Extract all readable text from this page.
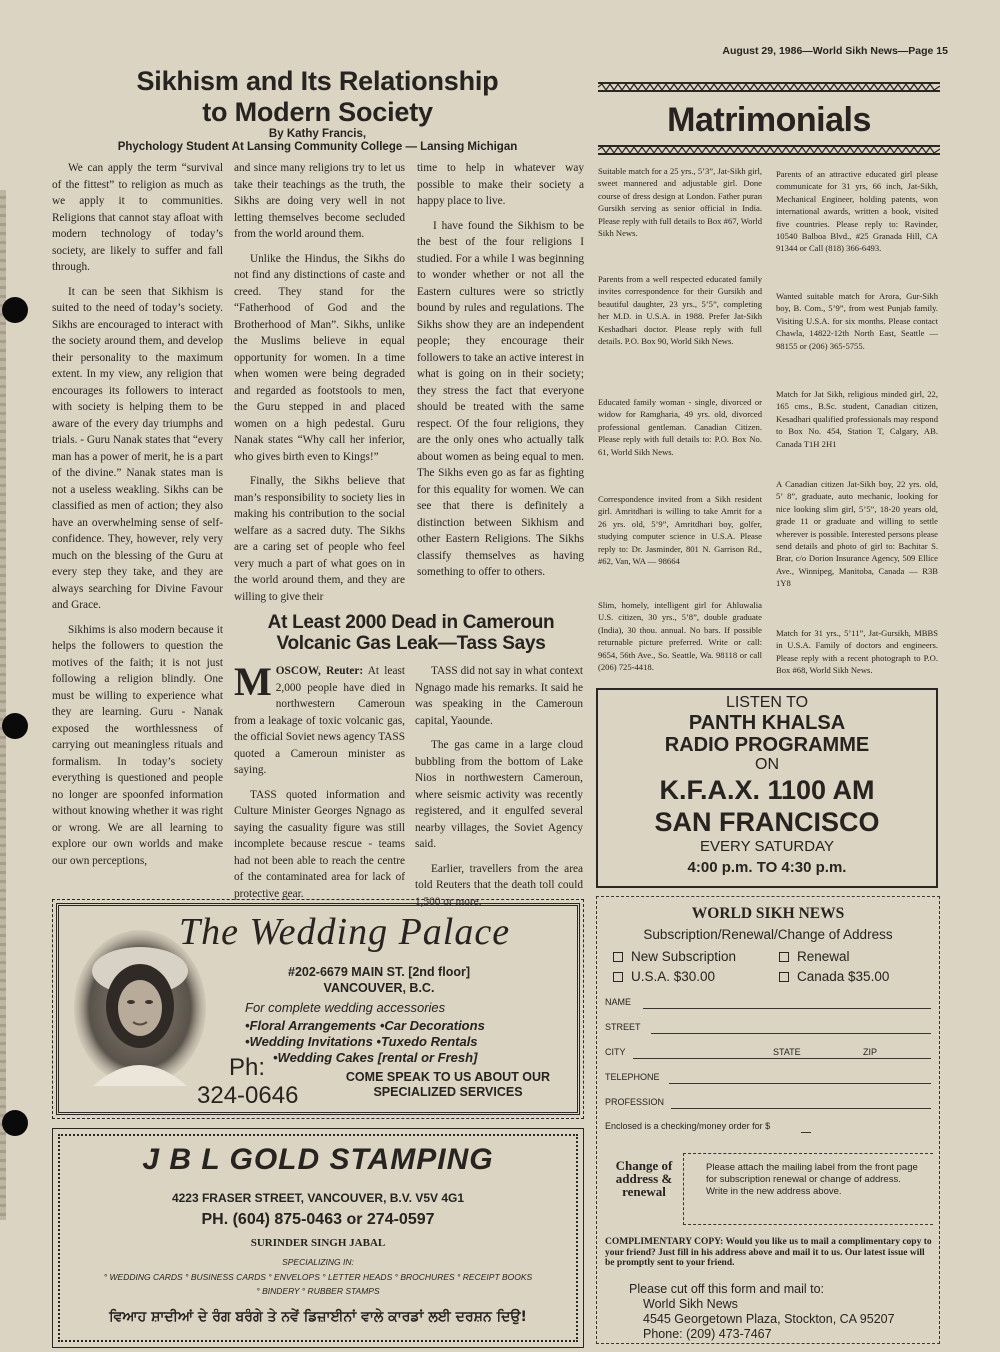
August 29, 1986—World Sikh News—Page 15
Sikhism and Its Relationship
to Modern Society
By Kathy Francis,
Phychology Student At Lansing Community College — Lansing Michigan

We can apply the term “survival of the fittest” to religion as much as we apply it to communities. Religions that cannot stay afloat with modern technology of today’s society, are likely to suffer and fall through.

It can be seen that Sikhism is suited to the need of today’s society. Sikhs are encouraged to interact with the society around them, and develop their personality to the maximum extent. In my view, any religion that encourages its followers to interact with society is helping them to be aware of the every day triumphs and trials. - Guru Nanak states that “every man has a power of merit, he is a part of the divine.” Nanak states man is not a useless weakling. Sikhs can be classified as men of action; they also have an overwhelming sense of self-confidence. They, however, rely very much on the blessing of the Guru at every step they take, and they are always searching for Divine Favour and Grace.

Sikhims is also modern because it helps the followers to question the motives of the faith; it is not just following a religion blindly. One must be willing to experience what they are learning. Guru - Nanak exposed the worthlessness of carrying out meaningless rituals and formalism. In today’s society everything is questioned and people no longer are spoonfed information without knowing whether it was right or wrong. We are all learning to explore our own worlds and make our own perceptions,

and since many religions try to let us take their teachings as the truth, the Sikhs are doing very well in not letting themselves become secluded from the world around them.

Unlike the Hindus, the Sikhs do not find any distinctions of caste and creed. They stand for the “Fatherhood of God and the Brotherhood of Man”. Sikhs, unlike the Muslims believe in equal opportunity for women. In a time when women were being degraded and regarded as footstools to men, the Guru stepped in and placed women on a high pedestal. Guru Nanak states “Why call her inferior, who gives birth even to Kings!”

Finally, the Sikhs believe that man’s responsibility to society lies in making his contribution to the social welfare as a sacred duty. The Sikhs are a caring set of people who feel very much a part of what goes on in the world around them, and they are willing to give their

time to help in whatever way possible to make their society a happy place to live.

I have found the Sikhism to be the best of the four religions I studied. For a while I was beginning to wonder whether or not all the Eastern cultures were so strictly bound by rules and regulations. The Sikhs show they are an independent people; they encourage their followers to take an active interest in what is going on in their society; they stress the fact that everyone should be treated with the same respect. Of the four religions, they are the only ones who actually talk about women as being equal to men. The Sikhs even go as far as fighting for this equality for women. We can see that there is definitely a distinction between Sikhism and other Eastern Religions. The Sikhs classify themselves as having something to offer to others.

At Least 2000 Dead in Cameroun
Volcanic Gas Leak—Tass Says

MOSCOW, Reuter: At least 2,000 people have died in northwestern Cameroun from a leakage of toxic volcanic gas, the official Soviet news agency TASS quoted a Cameroun minister as saying.

TASS quoted information and Culture Minister Georges Ngnago as saying the casuality figure was still incomplete because rescue - teams had not been able to reach the centre of the contaminated area for lack of protective gear.

TASS did not say in what context Ngnago made his remarks. It said he was speaking in the Cameroun capital, Yaounde.

The gas came in a large cloud bubbling from the bottom of Lake Nios in northwestern Cameroun, where seismic activity was recently registered, and it engulfed several nearby villages, the Soviet Agency said.

Earlier, travellers from the area told Reuters that the death toll could 1,500 or more.

Matrimonials
Suitable match for a 25 yrs., 5’3”, Jat-Sikh girl, sweet mannered and adjustable girl. Done course of dress design at London. Father puran Gursikh serving as senior official in India. Please reply with full details to Box #67, World Sikh News.
Parents from a well respected educated family invites correspondence for their Gursikh and beautiful daughter, 23 yrs., 5’5”, completing her M.D. in U.S.A. in 1988. Prefer Jat-Sikh Keshadhari doctor. Please reply with full details. P.O. Box 90, World Sikh News.
Educated family woman - single, divorced or widow for Ramgharia, 49 yrs. old, divorced professional gentleman. Canadian Citizen. Please reply with full details to: P.O. Box No. 61, World Sikh News.
Correspondence invited from a Sikh resident girl. Amritdhari is willing to take Amrit for a 26 yrs. old, 5’9”, Amritdhari boy, golfer, studying computer science in U.S.A. Please reply to: Dr. Jasminder, 801 N. Garrison Rd., #62, Van, WA — 98664
Slim, homely, intelligent girl for Ahluwalia U.S. citizen, 30 yrs., 5’8”, double graduate (India), 30 thou. annual. No bars. If possible returnable picture preferred. Write or call: 9654, 56th Ave., So. Seattle, Wa. 98118 or call (206) 725-4418.
Parents of an attractive educated girl please communicate for 31 yrs, 66 inch, Jat-Sikh, Mechanical Engineer, holding patents, won international awards, written a book, visited five countries. Please reply to: Ravinder, 10540 Balboa Blvd., #25 Granada Hill, CA 91344 or Call (818) 366-6493.
Wanted suitable match for Arora, Gur-Sikh boy, B. Com., 5’9”, from west Punjab family. Visiting U.S.A. for six months. Please contact Chawla, 14822-12th North East, Seattle — 98155 or (206) 365-5755.
Match for Jat Sikh, religious minded girl, 22, 165 cms., B.Sc. student, Canadian citizen, Kesadhari qualified professionals may respond to Box No. 454, Station T, Calgary, AB. Canada T1H 2H1
A Canadian citizen Jat-Sikh boy, 22 yrs. old, 5’ 8”, graduate, auto mechanic, looking for nice looking slim girl, 5’5”, 18-20 years old, grade 11 or graduate and willing to settle wherever is possible. Interested persons please send details and photo of girl to: Bachitar S. Brar, c/o Dorion Insurance Agency, 509 Ellice Ave., Winnipeg, Manitoba, Canada — R3B 1Y8
Match for 31 yrs., 5’11”, Jat-Gursikh, MBBS in U.S.A. Family of doctors and engineers. Please reply with a recent photograph to P.O. Box #68, World Sikh News.
LISTEN TO
PANTH KHALSA
RADIO PROGRAMME
ON
K.F.A.X. 1100 AM
SAN FRANCISCO
EVERY SATURDAY
4:00 p.m. TO 4:30 p.m.
WORLD SIKH NEWS
Subscription/Renewal/Change of Address
New Subscription	Renewal
U.S.A. $30.00	Canada $35.00
NAME
STREET
CITY	STATE	ZIP
TELEPHONE
PROFESSION
Enclosed is a checking/money order for $
Change of address & renewal
Please attach the mailing label from the front page for subscription renewal or change of address. Write in the new address above.
COMPLIMENTARY COPY: Would you like us to mail a complimentary copy to your friend? Just fill in his address above and mail it to us. Our latest issue will be promptly sent to your friend.
Please cut off this form and mail to:
World Sikh News
4545 Georgetown Plaza, Stockton, CA 95207
Phone: (209) 473-7467
The Wedding Palace
#202-6679 MAIN ST. [2nd floor]
VANCOUVER, B.C.
For complete wedding accessories
•Floral Arrangements •Car Decorations
•Wedding Invitations •Tuxedo Rentals
•Wedding Cakes [rental or Fresh]
Ph:
324-0646
COME SPEAK TO US ABOUT OUR
SPECIALIZED SERVICES
J B L GOLD STAMPING
4223 FRASER STREET, VANCOUVER, B.V. V5V 4G1
PH. (604) 875-0463 or 274-0597
SURINDER SINGH JABAL
SPECIALIZING IN:
° WEDDING CARDS ° BUSINESS CARDS ° ENVELOPS ° LETTER HEADS ° BROCHURES ° RECEIPT BOOKS
° BINDERY ° RUBBER STAMPS
ਵਿਆਹ ਸ਼ਾਦੀਆਂ ਦੇ ਰੰਗ ਬਰੰਗੇ ਤੇ ਨਵੇਂ ਡਿਜ਼ਾਈਨਾਂ ਵਾਲੇ ਕਾਰਡਾਂ ਲਈ ਦਰਸ਼ਨ ਦਿਉ!
